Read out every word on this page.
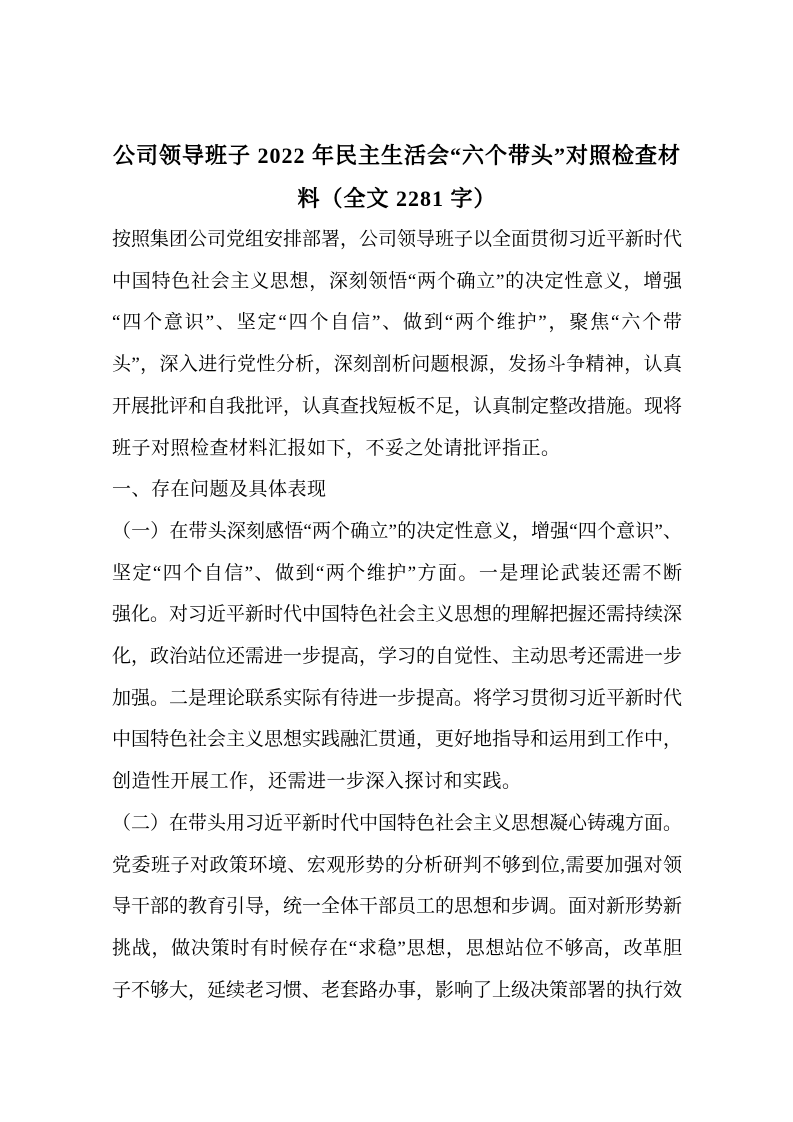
公司领导班子 2022 年民主生活会“六个带头”对照检查材
料（全文 2281 字）
按照集团公司党组安排部署，公司领导班子以全面贯彻习近平新时代
中国特色社会主义思想，深刻领悟“两个确立”的决定性意义，增强
“四个意识”、坚定“四个自信”、做到“两个维护”，聚焦“六个带
头”，深入进行党性分析，深刻剖析问题根源，发扬斗争精神，认真
开展批评和自我批评，认真查找短板不足，认真制定整改措施。现将
班子对照检查材料汇报如下，不妥之处请批评指正。
一、存在问题及具体表现
（一）在带头深刻感悟“两个确立”的决定性意义，增强“四个意识”、
坚定“四个自信”、做到“两个维护”方面。一是理论武装还需不断
强化。对习近平新时代中国特色社会主义思想的理解把握还需持续深
化，政治站位还需进一步提高，学习的自觉性、主动思考还需进一步
加强。二是理论联系实际有待进一步提高。将学习贯彻习近平新时代
中国特色社会主义思想实践融汇贯通，更好地指导和运用到工作中，
创造性开展工作，还需进一步深入探讨和实践。
（二）在带头用习近平新时代中国特色社会主义思想凝心铸魂方面。
党委班子对政策环境、宏观形势的分析研判不够到位,需要加强对领
导干部的教育引导，统一全体干部员工的思想和步调。面对新形势新
挑战，做决策时有时候存在“求稳”思想，思想站位不够高，改革胆
子不够大，延续老习惯、老套路办事，影响了上级决策部署的执行效
